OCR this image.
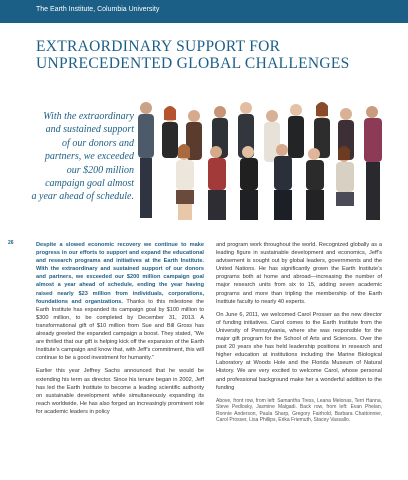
The Earth Institute, Columbia University
EXTRAORDINARY SUPPORT FOR
UNPRECEDENTED GLOBAL CHALLENGES
With the extraordinary
and sustained support
of our donors and
partners, we exceeded
our $200 million
campaign goal almost
a year ahead of schedule.
26	Despite a slowed economic recovery we continue to make progress in our efforts to support and expand the educational and research programs and initiatives at the Earth Institute. With the extraordinary and sustained support of our donors and partners, we exceeded our $200 million campaign goal almost a year ahead of schedule, ending the year having raised nearly $23 million from individuals, corporations, foundations and organizations. Thanks to this milestone the Earth Institute has expanded its campaign goal by $100 million to $300 million, to be completed by December 31, 2013. A transformational gift of $10 million from Sue and Bill Gross has already greeted the expanded campaign a boost. They stated, “We are thrilled that our gift is helping kick off the expansion of the Earth Institute’s campaign and know that, with Jeff’s commitment, this will continue to be a good investment for humanity.”

Earlier this year Jeffrey Sachs announced that he would be extending his term as director. Since his tenure began in 2002, Jeff has led the Earth Institute to become a leading scientific authority on sustainable development while simultaneously expanding its reach worldwide. He has also forged an increasingly prominent role for academic leaders in policy

and program work throughout the world. Recognized globally as a leading figure in sustainable development and economics, Jeff’s advisement is sought out by global leaders, governments and the United Nations. He has significantly grown the Earth Institute’s programs both at home and abroad—increasing the number of major research units from six to 15, adding seven academic programs and more than tripling the membership of the Earth Institute faculty to nearly 40 experts.

On June 6, 2011, we welcomed Carol Prosser as the new director of funding initiatives. Carol comes to the Earth Institute from the University of Pennsylvania, where she was responsible for the major gift program for the School of Arts and Sciences. Over the past 20 years she has held leadership positions in research and higher education at institutions including the Marine Biological Laboratory at Woods Hole and the Florida Museum of Natural History. We are very excited to welcome Carol, whose personal and professional background make her a wonderful addition to the funding

Above, front row, from left: Samantha Tress, Leana Melonas, Terri Hanna, Steve Pedlosky, Jasmine Malgadi. Back row, from left: Evan Phelan, Ronnie Anderson, Paula Sharp, Gregory Fairhold, Barbara Chattonnier, Carol Prosser, Lisa Phillips, Erika Friemuth, Stacey Vassallo.
